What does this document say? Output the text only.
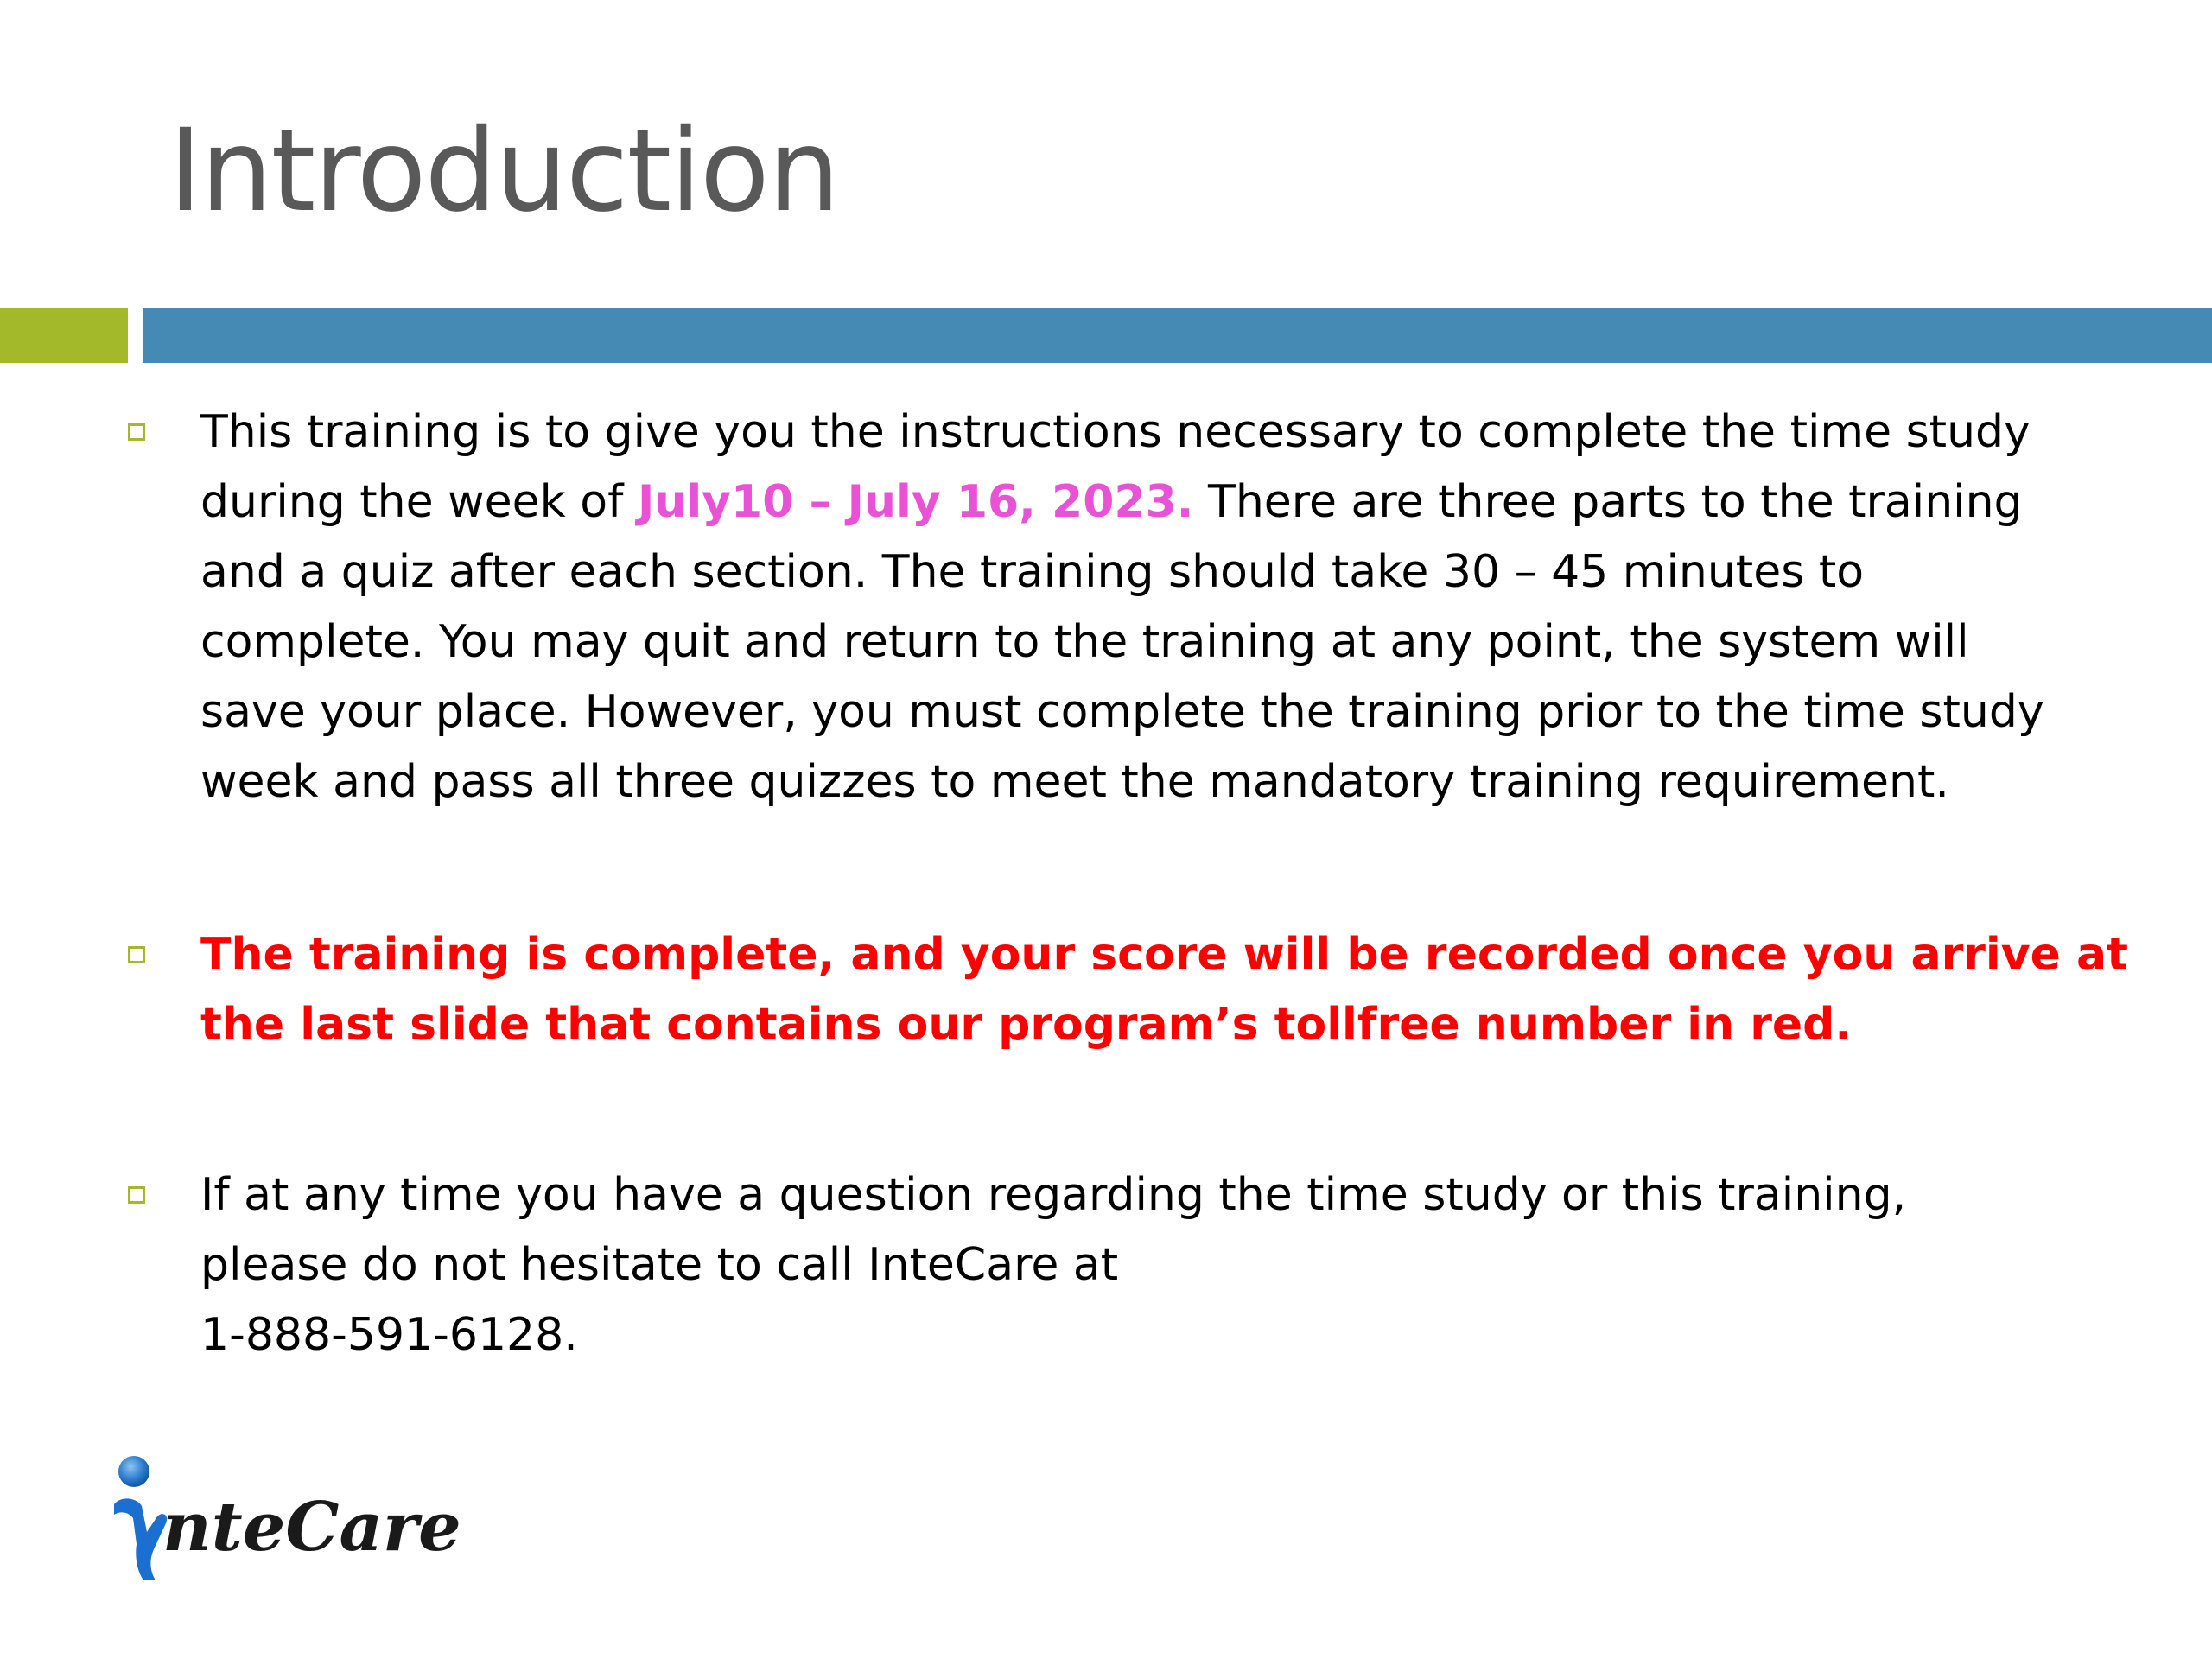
Introduction
This training is to give you the instructions necessary to complete the time study
during the week of July10 – July 16, 2023. There are three parts to the training
and a quiz after each section. The training should take 30 – 45 minutes to
complete. You may quit and return to the training at any point, the system will
save your place. However, you must complete the training prior to the time study
week and pass all three quizzes to meet the mandatory training requirement.
The training is complete, and your score will be recorded once you arrive at
the last slide that contains our program’s tollfree number in red.
If at any time you have a question regarding the time study or this training,
please do not hesitate to call InteCare at
1-888-591-6128.
nteCare
